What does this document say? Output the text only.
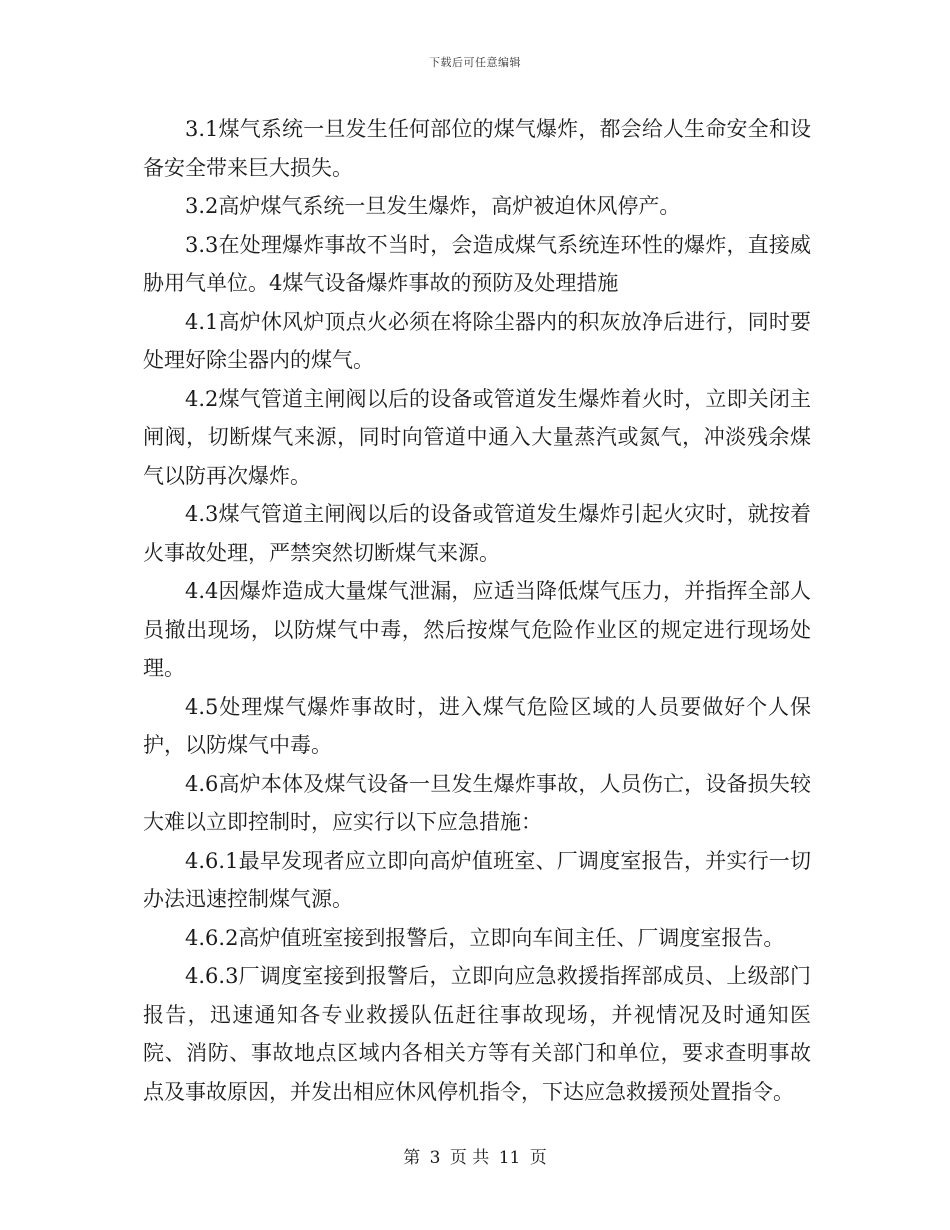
下载后可任意编辑

3.1煤气系统一旦发生任何部位的煤气爆炸，都会给人生命安全和设备安全带来巨大损失。

3.2高炉煤气系统一旦发生爆炸，高炉被迫休风停产。

3.3在处理爆炸事故不当时，会造成煤气系统连环性的爆炸，直接威胁用气单位。4煤气设备爆炸事故的预防及处理措施

4.1高炉休风炉顶点火必须在将除尘器内的积灰放净后进行，同时要处理好除尘器内的煤气。

4.2煤气管道主闸阀以后的设备或管道发生爆炸着火时，立即关闭主闸阀，切断煤气来源，同时向管道中通入大量蒸汽或氮气，冲淡残余煤气以防再次爆炸。

4.3煤气管道主闸阀以后的设备或管道发生爆炸引起火灾时，就按着火事故处理，严禁突然切断煤气来源。

4.4因爆炸造成大量煤气泄漏，应适当降低煤气压力，并指挥全部人员撤出现场，以防煤气中毒，然后按煤气危险作业区的规定进行现场处理。

4.5处理煤气爆炸事故时，进入煤气危险区域的人员要做好个人保护，以防煤气中毒。

4.6高炉本体及煤气设备一旦发生爆炸事故，人员伤亡，设备损失较大难以立即控制时，应实行以下应急措施：

4.6.1最早发现者应立即向高炉值班室、厂调度室报告，并实行一切办法迅速控制煤气源。

4.6.2高炉值班室接到报警后，立即向车间主任、厂调度室报告。

4.6.3厂调度室接到报警后，立即向应急救援指挥部成员、上级部门报告，迅速通知各专业救援队伍赶往事故现场，并视情况及时通知医院、消防、事故地点区域内各相关方等有关部门和单位，要求查明事故点及事故原因，并发出相应休风停机指令，下达应急救援预处置指令。

第 3 页 共 11 页
